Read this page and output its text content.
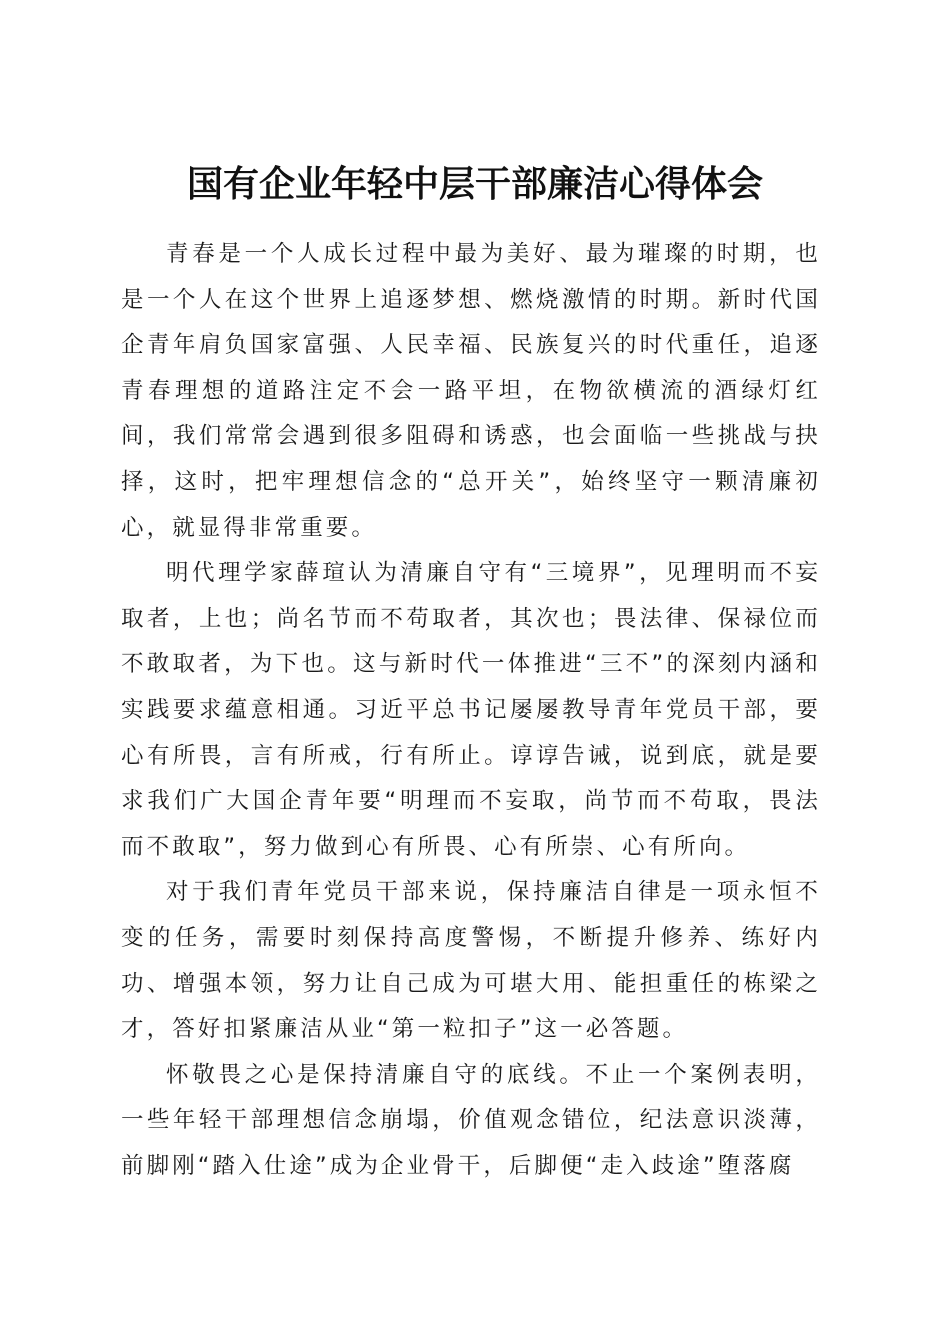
国有企业年轻中层干部廉洁心得体会

青春是一个人成长过程中最为美好、最为璀璨的时期，也是一个人在这个世界上追逐梦想、燃烧激情的时期。新时代国企青年肩负国家富强、人民幸福、民族复兴的时代重任，追逐青春理想的道路注定不会一路平坦，在物欲横流的酒绿灯红间，我们常常会遇到很多阻碍和诱惑，也会面临一些挑战与抉择，这时，把牢理想信念的“总开关”，始终坚守一颗清廉初心，就显得非常重要。

明代理学家薛瑄认为清廉自守有“三境界”，见理明而不妄取者，上也；尚名节而不苟取者，其次也；畏法律、保禄位而不敢取者，为下也。这与新时代一体推进“三不”的深刻内涵和实践要求蕴意相通。习近平总书记屡屡教导青年党员干部，要心有所畏，言有所戒，行有所止。谆谆告诫，说到底，就是要求我们广大国企青年要“明理而不妄取，尚节而不苟取，畏法而不敢取”，努力做到心有所畏、心有所崇、心有所向。

对于我们青年党员干部来说，保持廉洁自律是一项永恒不变的任务，需要时刻保持高度警惕，不断提升修养、练好内功、增强本领，努力让自己成为可堪大用、能担重任的栋梁之才，答好扣紧廉洁从业“第一粒扣子”这一必答题。

怀敬畏之心是保持清廉自守的底线。不止一个案例表明，一些年轻干部理想信念崩塌，价值观念错位，纪法意识淡薄，前脚刚“踏入仕途”成为企业骨干，后脚便“走入歧途”堕落腐
